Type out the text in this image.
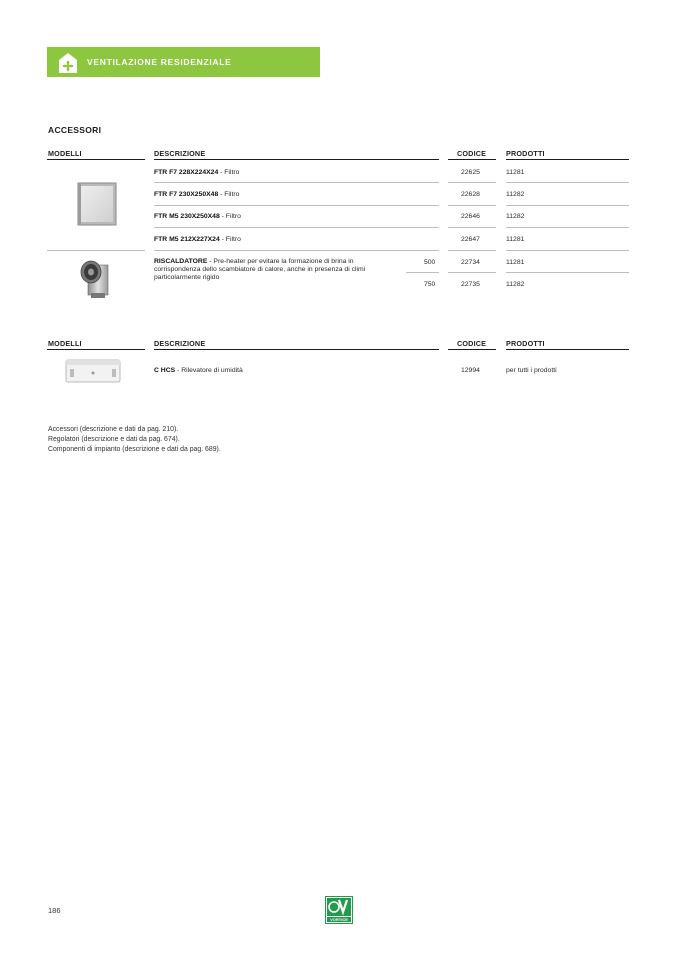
VENTILAZIONE RESIDENZIALE
ACCESSORI
MODELLI	DESCRIZIONE	CODICE	PRODOTTI
FTR F7 228X224X24 - Filtro	22625	11281
FTR F7 230X250X48 - Filtro	22628	11282
FTR M5 230X250X48 - Filtro	22646	11282
FTR M5 212X227X24 - Filtro	22647	11281
RISCALDATORE - Pre-heater per evitare la formazione di brina in corrispondenza dello scambiatore di calore, anche in presenza di climi particolarmente rigido
500	22734	11281
750	22735	11282
MODELLI	DESCRIZIONE	CODICE	PRODOTTI
C HCS - Rilevatore di umidità	12994	per tutti i prodotti
Accessori (descrizione e dati da pag. 210).
Regolatori (descrizione e dati da pag. 674).
Componenti di impianto (descrizione e dati da pag. 689).
186
VORTICE
